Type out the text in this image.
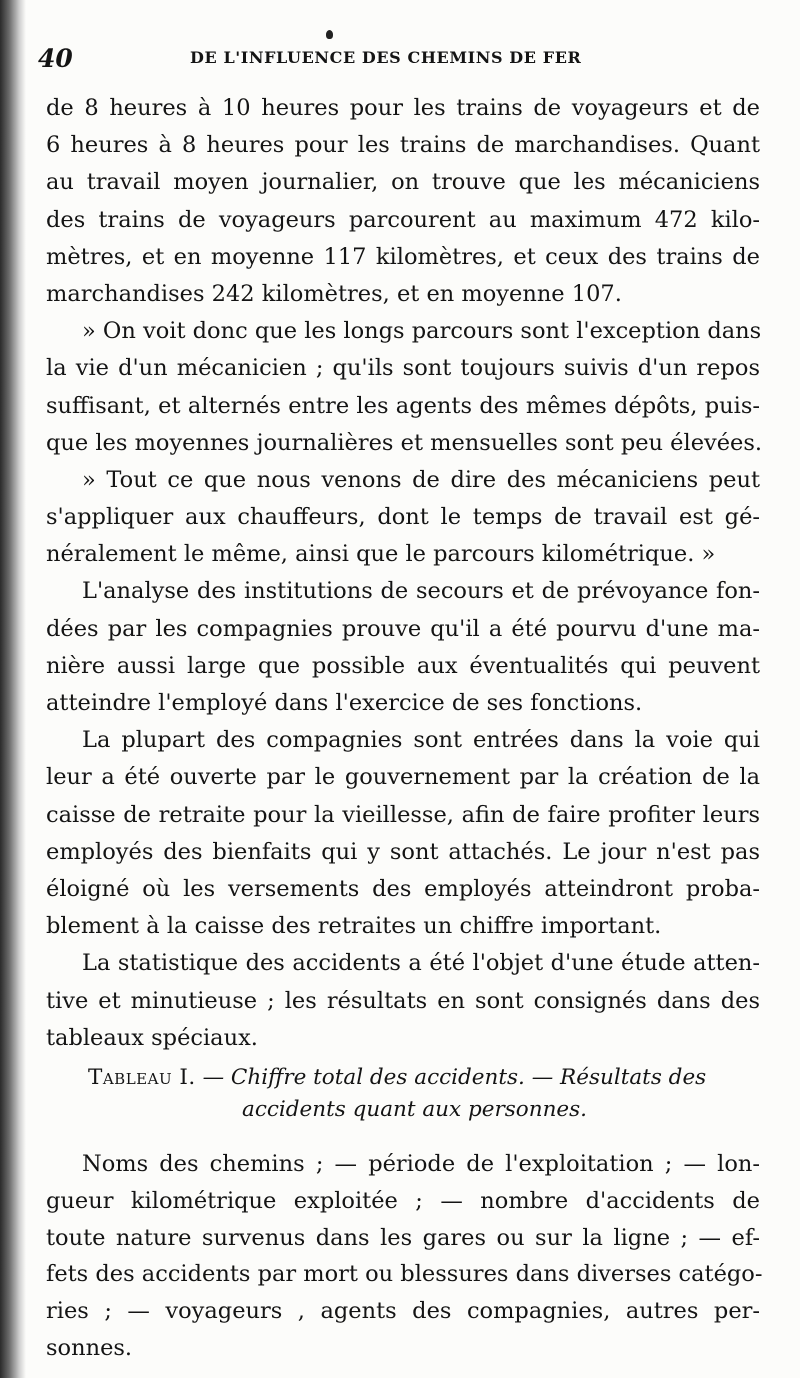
40	DE L'INFLUENCE DES CHEMINS DE FER
de 8 heures à 10 heures pour les trains de voyageurs et de
6 heures à 8 heures pour les trains de marchandises. Quant
au travail moyen journalier, on trouve que les mécaniciens
des trains de voyageurs parcourent au maximum 472 kilo-
mètres, et en moyenne 117 kilomètres, et ceux des trains de
marchandises 242 kilomètres, et en moyenne 107.
» On voit donc que les longs parcours sont l'exception dans
la vie d'un mécanicien ; qu'ils sont toujours suivis d'un repos
suffisant, et alternés entre les agents des mêmes dépôts, puis-
que les moyennes journalières et mensuelles sont peu élevées.
» Tout ce que nous venons de dire des mécaniciens peut
s'appliquer aux chauffeurs, dont le temps de travail est gé-
néralement le même, ainsi que le parcours kilométrique. »
L'analyse des institutions de secours et de prévoyance fon-
dées par les compagnies prouve qu'il a été pourvu d'une ma-
nière aussi large que possible aux éventualités qui peuvent
atteindre l'employé dans l'exercice de ses fonctions.
La plupart des compagnies sont entrées dans la voie qui
leur a été ouverte par le gouvernement par la création de la
caisse de retraite pour la vieillesse, afin de faire profiter leurs
employés des bienfaits qui y sont attachés. Le jour n'est pas
éloigné où les versements des employés atteindront proba-
blement à la caisse des retraites un chiffre important.
La statistique des accidents a été l'objet d'une étude atten-
tive et minutieuse ; les résultats en sont consignés dans des
tableaux spéciaux.
Tableau I. — Chiffre total des accidents. — Résultats des
accidents quant aux personnes.
Noms des chemins ; — période de l'exploitation ; — lon-
gueur kilométrique exploitée ; — nombre d'accidents de
toute nature survenus dans les gares ou sur la ligne ; — ef-
fets des accidents par mort ou blessures dans diverses catégo-
ries ; — voyageurs , agents des compagnies, autres per-
sonnes.
